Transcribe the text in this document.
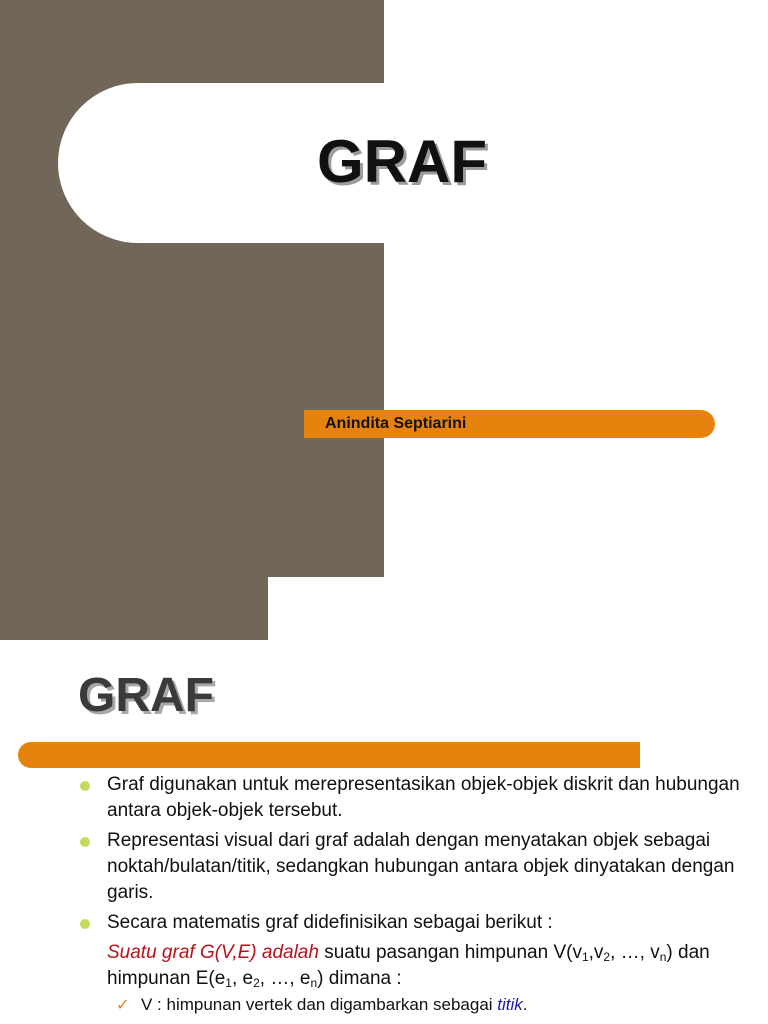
GRAF
Anindita Septiarini
GRAF
Graf digunakan untuk merepresentasikan objek-objek diskrit dan hubungan antara objek-objek tersebut.
Representasi visual dari graf adalah dengan menyatakan objek sebagai noktah/bulatan/titik, sedangkan hubungan antara objek dinyatakan dengan garis.
Secara matematis graf didefinisikan sebagai berikut :
Suatu graf G(V,E) adalah suatu pasangan himpunan $V(v_1,v_2$, …, $v_n$) dan himpunan $E(e_1$, $e_2$, …, $e_n$) dimana :
✓ V : himpunan vertek dan digambarkan sebagai titik.
